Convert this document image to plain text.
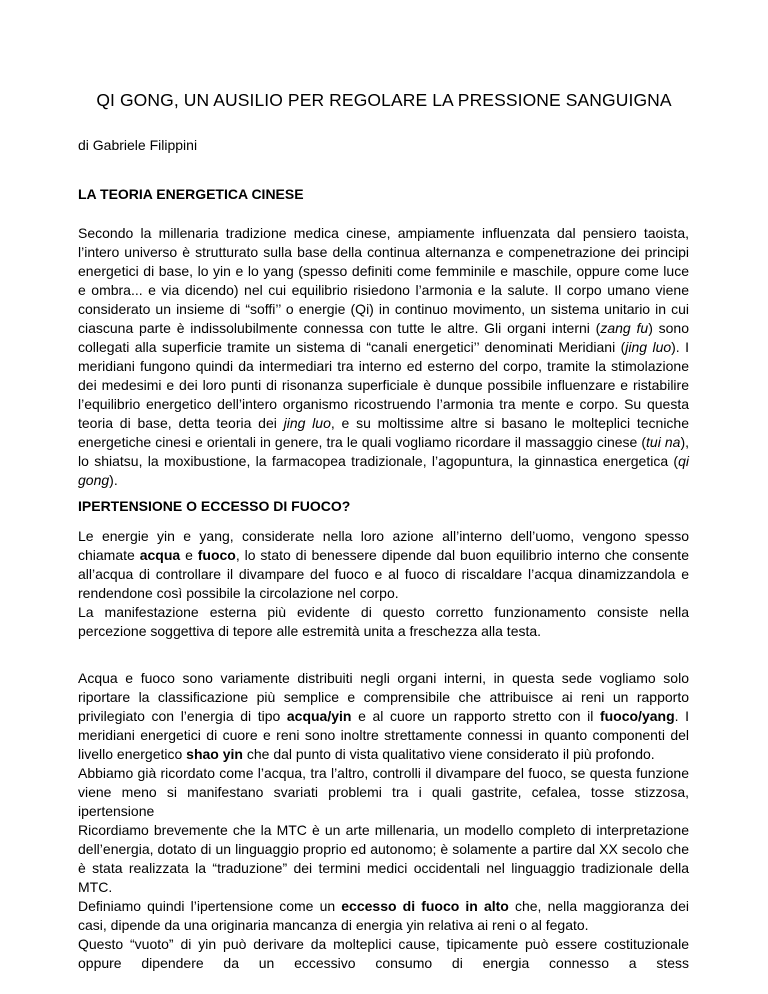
QI GONG, UN AUSILIO PER REGOLARE LA PRESSIONE SANGUIGNA
di Gabriele Filippini
LA TEORIA ENERGETICA CINESE

Secondo la millenaria tradizione medica cinese, ampiamente influenzata dal pensiero taoista, l’intero universo è strutturato sulla base della continua alternanza e compenetrazione dei principi energetici di base, lo yin e lo yang (spesso definiti come femminile e maschile, oppure come luce e ombra... e via dicendo) nel cui equilibrio risiedono l’armonia e la salute. Il corpo umano viene considerato un insieme di “soffi’’ o energie (Qi) in continuo movimento, un sistema unitario in cui ciascuna parte è indissolubilmente connessa con tutte le altre. Gli organi interni (zang fu) sono collegati alla superficie tramite un sistema di “canali energetici’’ denominati Meridiani (jing luo). I meridiani fungono quindi da intermediari tra interno ed esterno del corpo, tramite la stimolazione dei medesimi e dei loro punti di risonanza superficiale è dunque possibile influenzare e ristabilire l’equilibrio energetico dell’intero organismo ricostruendo l’armonia tra mente e corpo. Su questa teoria di base, detta teoria dei jing luo, e su moltissime altre si basano le molteplici tecniche energetiche cinesi e orientali in genere, tra le quali vogliamo ricordare il massaggio cinese (tui na), lo shiatsu, la moxibustione, la farmacopea tradizionale, l’agopuntura, la ginnastica energetica (qi gong).

IPERTENSIONE O ECCESSO DI FUOCO?

Le energie yin e yang, considerate nella loro azione all’interno dell’uomo, vengono spesso chiamate acqua e fuoco, lo stato di benessere dipende dal buon equilibrio interno che consente all’acqua di controllare il divampare del fuoco e al fuoco di riscaldare l’acqua dinamizzandola e rendendone così possibile la circolazione nel corpo.

La manifestazione esterna più evidente di questo corretto funzionamento consiste nella percezione soggettiva di tepore alle estremità unita a freschezza alla testa.

Acqua e fuoco sono variamente distribuiti negli organi interni, in questa sede vogliamo solo riportare la classificazione più semplice e comprensibile che attribuisce ai reni un rapporto privilegiato con l’energia di tipo acqua/yin e al cuore un rapporto stretto con il fuoco/yang. I meridiani energetici di cuore e reni sono inoltre strettamente connessi in quanto componenti del livello energetico shao yin che dal punto di vista qualitativo viene considerato il più profondo.

Abbiamo già ricordato come l’acqua, tra l’altro, controlli il divampare del fuoco, se questa funzione viene meno si manifestano svariati problemi tra i quali gastrite, cefalea, tosse stizzosa, ipertensione

Ricordiamo brevemente che la MTC è un arte millenaria, un modello completo di interpretazione dell’energia, dotato di un linguaggio proprio ed autonomo; è solamente a partire dal XX secolo che è stata realizzata la “traduzione” dei termini medici occidentali nel linguaggio tradizionale della MTC.

Definiamo quindi l’ipertensione come un eccesso di fuoco in alto che, nella maggioranza dei casi, dipende da una originaria mancanza di energia yin relativa ai reni o al fegato.

Questo “vuoto” di yin può derivare da molteplici cause, tipicamente può essere costituzionale oppure dipendere da un eccessivo consumo di energia connesso a stess
